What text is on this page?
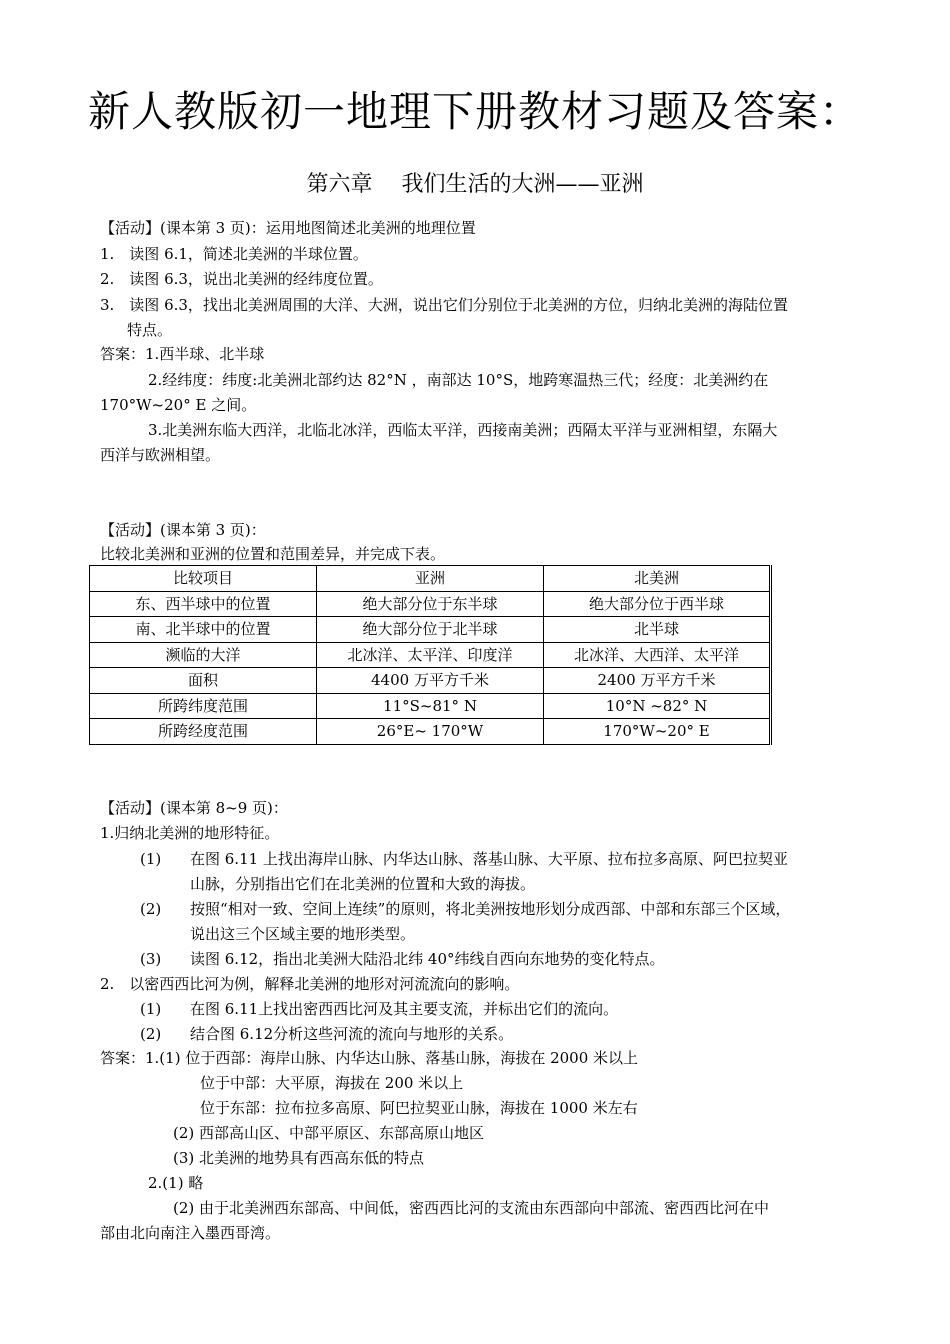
新人教版初一地理下册教材习题及答案：
第六章　 我们生活的大洲——亚洲
【活动】(课本第 3 页)：运用地图简述北美洲的地理位置
1.　读图 6.1，简述北美洲的半球位置。
2.　读图 6.3，说出北美洲的经纬度位置。
3.　读图 6.3，找出北美洲周围的大洋、大洲，说出它们分别位于北美洲的方位，归纳北美洲的海陆位置
特点。
答案：1.西半球、北半球
2.经纬度：纬度:北美洲北部约达 82°N ，南部达 10°S，地跨寒温热三代；经度：北美洲约在
170°W~20° E 之间。
3.北美洲东临大西洋，北临北冰洋，西临太平洋，西接南美洲；西隔太平洋与亚洲相望，东隔大
西洋与欧洲相望。
【活动】(课本第 3 页)：
比较北美洲和亚洲的位置和范围差异，并完成下表。
比较项目	亚洲	北美洲
东、西半球中的位置	绝大部分位于东半球	绝大部分位于西半球
南、北半球中的位置	绝大部分位于北半球	北半球
濒临的大洋	北冰洋、太平洋、印度洋	北冰洋、大西洋、太平洋
面积	4400 万平方千米	2400 万平方千米
所跨纬度范围	11°S~81° N	10°N ~82° N
所跨经度范围	26°E~ 170°W	170°W~20° E
【活动】(课本第 8~9 页)：
1.归纳北美洲的地形特征。
(1) 在图 6.11 上找出海岸山脉、内华达山脉、落基山脉、大平原、拉布拉多高原、阿巴拉契亚
山脉，分别指出它们在北美洲的位置和大致的海拔。
(2) 按照“相对一致、空间上连续”的原则，将北美洲按地形划分成西部、中部和东部三个区域，
说出这三个区域主要的地形类型。
(3) 读图 6.12，指出北美洲大陆沿北纬 40°纬线自西向东地势的变化特点。
2.　以密西西比河为例，解释北美洲的地形对河流流向的影响。
(1) 在图 6.11上找出密西西比河及其主要支流，并标出它们的流向。
(2) 结合图 6.12分析这些河流的流向与地形的关系。
答案：1.(1) 位于西部：海岸山脉、内华达山脉、落基山脉，海拔在 2000 米以上
位于中部：大平原，海拔在 200 米以上
位于东部：拉布拉多高原、阿巴拉契亚山脉，海拔在 1000 米左右
(2) 西部高山区、中部平原区、东部高原山地区
(3) 北美洲的地势具有西高东低的特点
2.(1) 略
(2) 由于北美洲西东部高、中间低，密西西比河的支流由东西部向中部流、密西西比河在中
部由北向南注入墨西哥湾。
